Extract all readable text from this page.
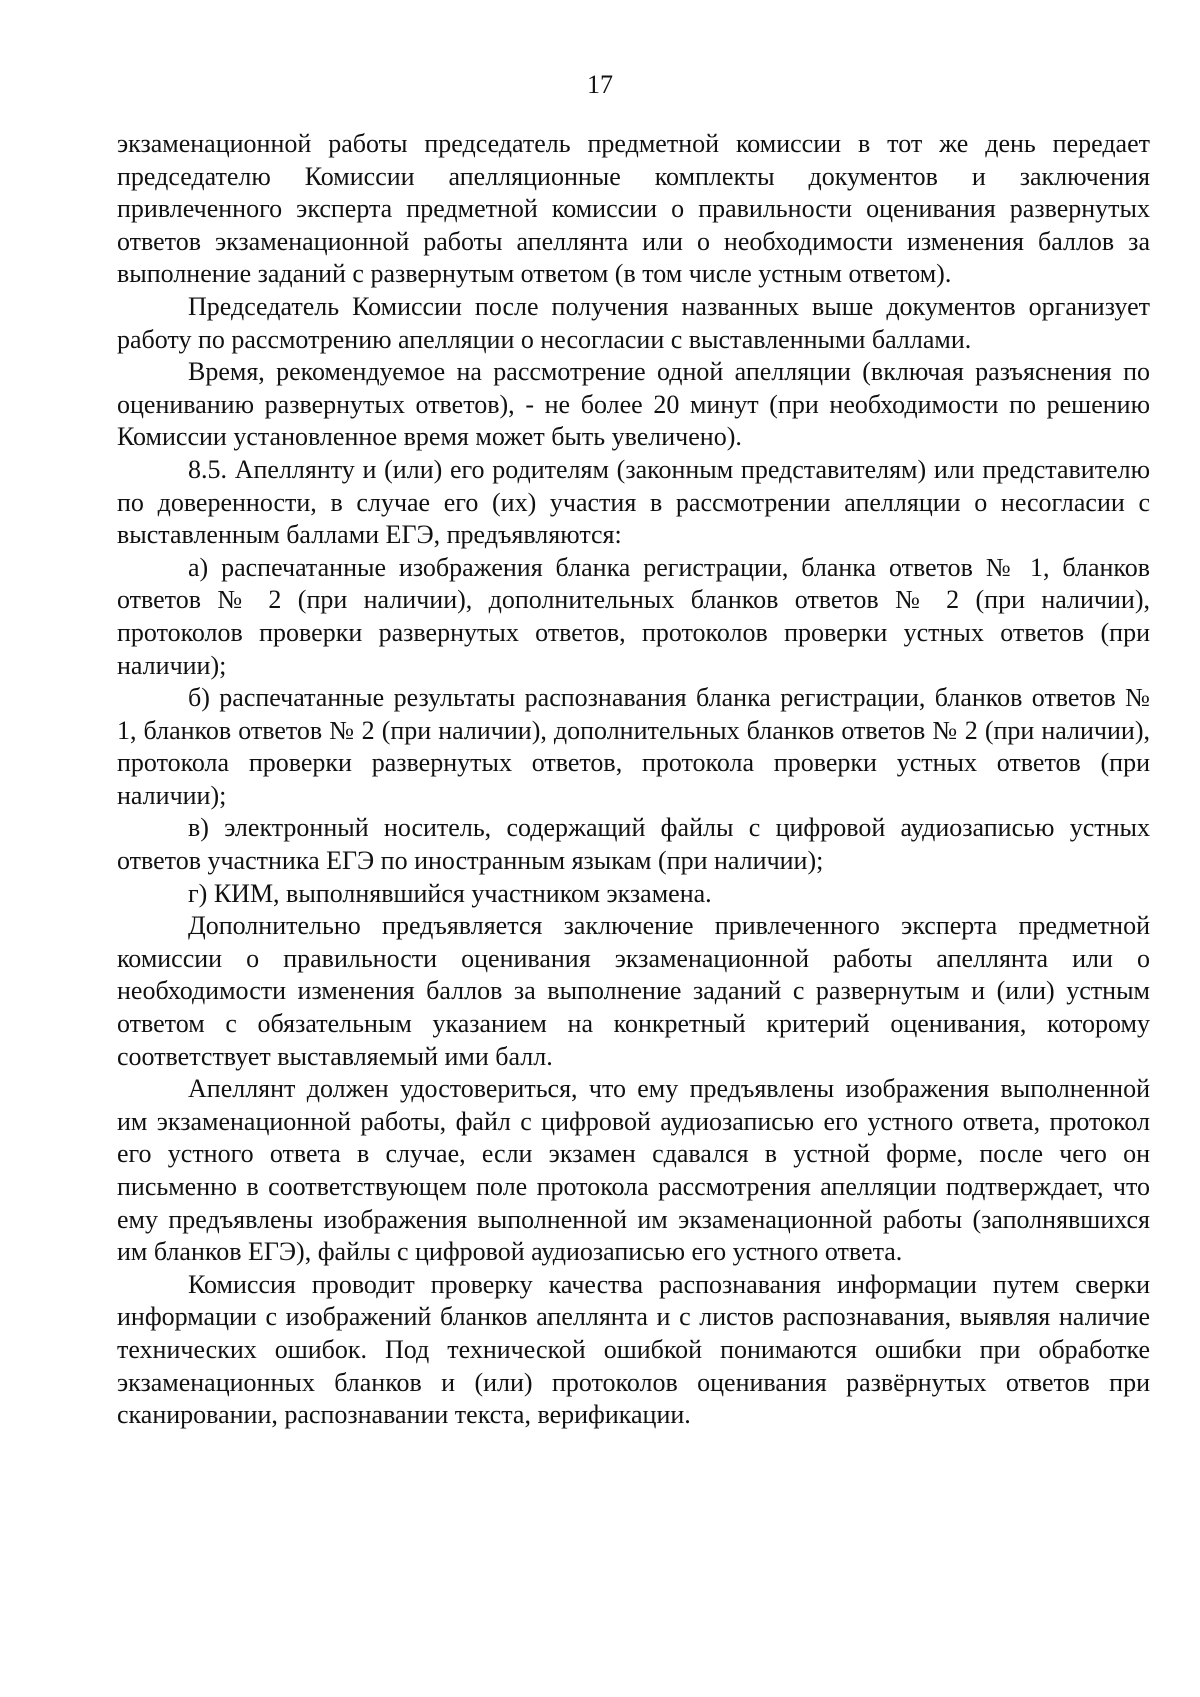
17

экзаменационной работы председатель предметной комиссии в тот же день передает председателю Комиссии апелляционные комплекты документов и заключения привлеченного эксперта предметной комиссии о правильности оценивания развернутых ответов экзаменационной работы апеллянта или о необходимости изменения баллов за выполнение заданий с развернутым ответом (в том числе устным ответом).

Председатель Комиссии после получения названных выше документов организует работу по рассмотрению апелляции о несогласии с выставленными баллами.

Время, рекомендуемое на рассмотрение одной апелляции (включая разъяснения по оцениванию развернутых ответов), - не более 20 минут (при необходимости по решению Комиссии установленное время может быть увеличено).

8.5. Апеллянту и (или) его родителям (законным представителям) или представителю по доверенности, в случае его (их) участия в рассмотрении апелляции о несогласии с выставленным баллами ЕГЭ, предъявляются:

а) распечатанные изображения бланка регистрации, бланка ответов № 1, бланков ответов № 2 (при наличии), дополнительных бланков ответов № 2 (при наличии), протоколов проверки развернутых ответов, протоколов проверки устных ответов (при наличии);

б) распечатанные результаты распознавания бланка регистрации, бланков ответов № 1, бланков ответов № 2 (при наличии), дополнительных бланков ответов № 2 (при наличии), протокола проверки развернутых ответов, протокола проверки устных ответов (при наличии);

в) электронный носитель, содержащий файлы с цифровой аудиозаписью устных ответов участника ЕГЭ по иностранным языкам (при наличии);

г) КИМ, выполнявшийся участником экзамена.

Дополнительно предъявляется заключение привлеченного эксперта предметной комиссии о правильности оценивания экзаменационной работы апеллянта или о необходимости изменения баллов за выполнение заданий с развернутым и (или) устным ответом с обязательным указанием на конкретный критерий оценивания, которому соответствует выставляемый ими балл.

Апеллянт должен удостовериться, что ему предъявлены изображения выполненной им экзаменационной работы, файл с цифровой аудиозаписью его устного ответа, протокол его устного ответа в случае, если экзамен сдавался в устной форме, после чего он письменно в соответствующем поле протокола рассмотрения апелляции подтверждает, что ему предъявлены изображения выполненной им экзаменационной работы (заполнявшихся им бланков ЕГЭ), файлы с цифровой аудиозаписью его устного ответа.

Комиссия проводит проверку качества распознавания информации путем сверки информации с изображений бланков апеллянта и с листов распознавания, выявляя наличие технических ошибок. Под технической ошибкой понимаются ошибки при обработке экзаменационных бланков и (или) протоколов оценивания развёрнутых ответов при сканировании, распознавании текста, верификации.
